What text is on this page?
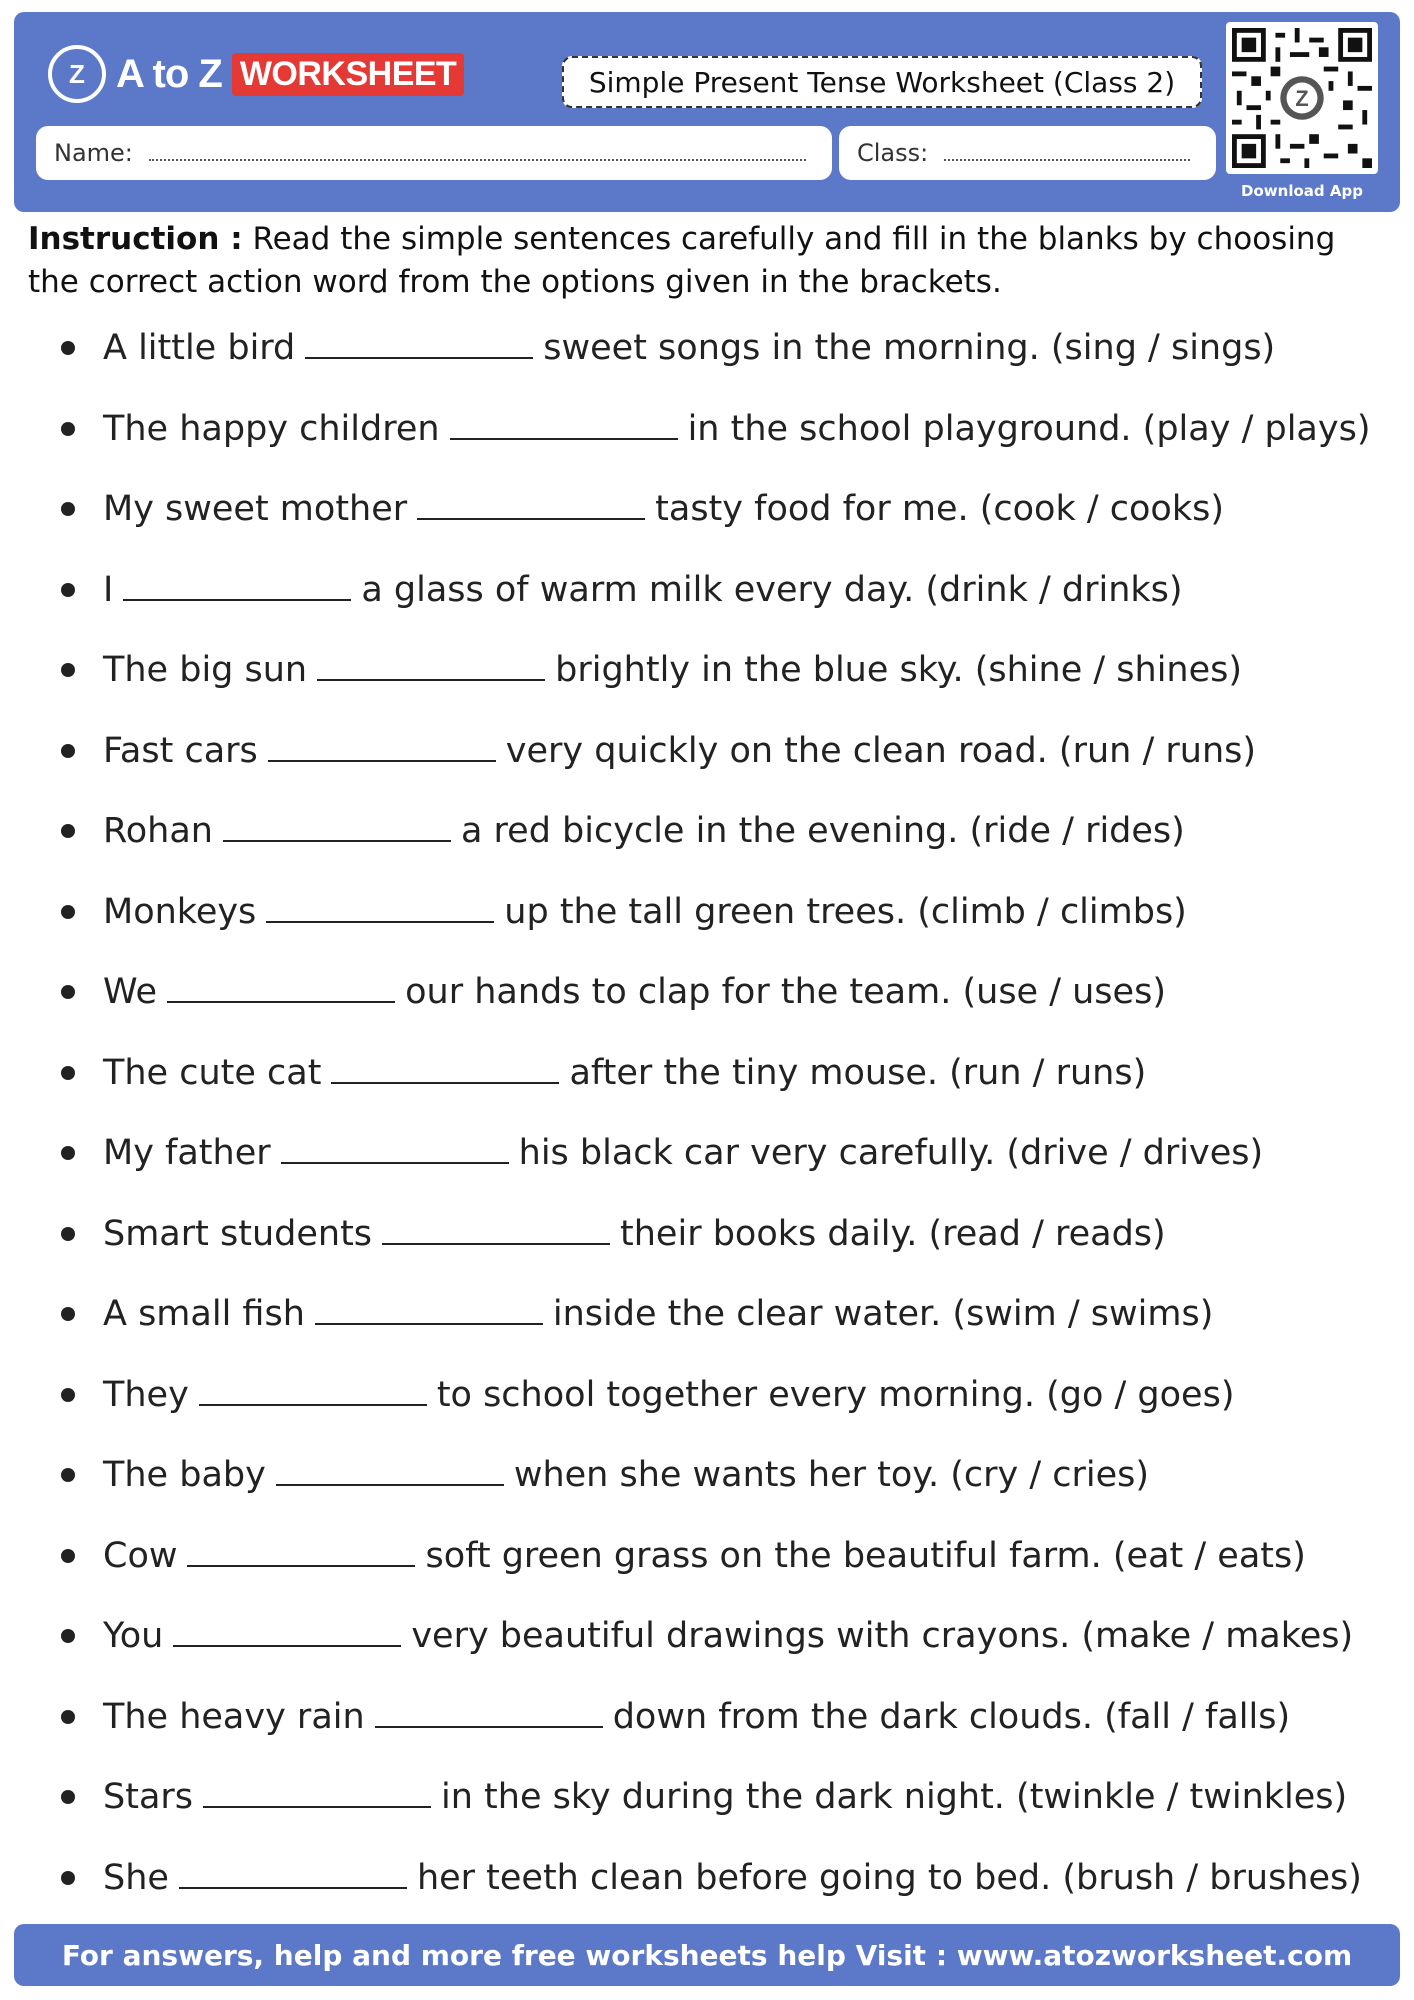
Z A to Z WORKSHEET	Simple Present Tense Worksheet (Class 2)
Name:	Class:
Z
Download App
Instruction : Read the simple sentences carefully and fill in the blanks by choosing the correct action word from the options given in the brackets.
A little bird	sweet songs in the morning. (sing / sings)
The happy children	in the school playground. (play / plays)
My sweet mother	tasty food for me. (cook / cooks)
I	a glass of warm milk every day. (drink / drinks)
The big sun	brightly in the blue sky. (shine / shines)
Fast cars	very quickly on the clean road. (run / runs)
Rohan	a red bicycle in the evening. (ride / rides)
Monkeys	up the tall green trees. (climb / climbs)
We	our hands to clap for the team. (use / uses)
The cute cat	after the tiny mouse. (run / runs)
My father	his black car very carefully. (drive / drives)
Smart students	their books daily. (read / reads)
A small fish	inside the clear water. (swim / swims)
They	to school together every morning. (go / goes)
The baby	when she wants her toy. (cry / cries)
Cow	soft green grass on the beautiful farm. (eat / eats)
You	very beautiful drawings with crayons. (make / makes)
The heavy rain	down from the dark clouds. (fall / falls)
Stars	in the sky during the dark night. (twinkle / twinkles)
She	her teeth clean before going to bed. (brush / brushes)
For answers, help and more free worksheets help Visit : www.atozworksheet.com
